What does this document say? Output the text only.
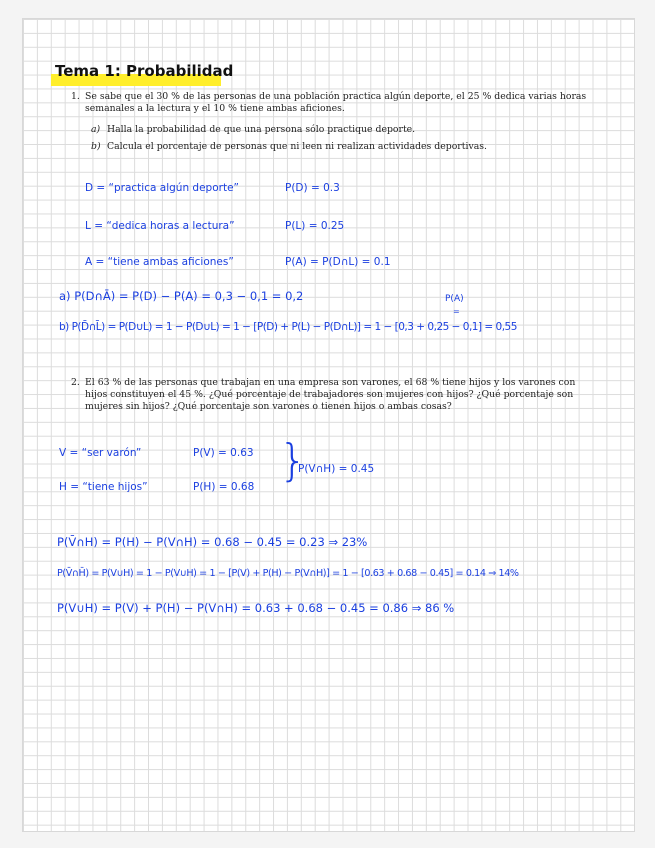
Tema 1: Probabilidad
1. Se sabe que el 30 % de las personas de una población practica algún deporte, el 25 % dedica varias horas
semanales a la lectura y el 10 % tiene ambas aficiones.
a) Halla la probabilidad de que una persona sólo practique deporte.
b) Calcula el porcentaje de personas que ni leen ni realizan actividades deportivas.
D = “practica algún deporte”	P(D) = 0.3
L = “dedica horas a lectura”	P(L) = 0.25
A = “tiene ambas aficiones”	P(A) = P(D∩L) = 0.1
a) P(D∩Ā) = P(D) − P(A) = 0,3 − 0,1 = 0,2	P(A)
=
b) P(D̄∩L̄) = P(D∪L) = 1 − P(D∪L) = 1 − [P(D) + P(L) − P(D∩L)] = 1 − [0,3 + 0,25 − 0,1] = 0,55
2. El 63 % de las personas que trabajan en una empresa son varones, el 68 % tiene hijos y los varones con
hijos constituyen el 45 %. ¿Qué porcentaje de trabajadores son mujeres con hijos? ¿Qué porcentaje son
mujeres sin hijos? ¿Qué porcentaje son varones o tienen hijos o ambas cosas?
V = “ser varón”	P(V) = 0.63
H = “tiene hijos”	P(H) = 0.68
}
P(V∩H) = 0.45
P(V̄∩H) = P(H) − P(V∩H) = 0.68 − 0.45 = 0.23 ⇒ 23%
P(V̄∩H̄) = P(V∪H) = 1 − P(V∪H) = 1 − [P(V) + P(H) − P(V∩H)] = 1 − [0.63 + 0.68 − 0.45] = 0.14 ⇒ 14%
P(V∪H) = P(V) + P(H) − P(V∩H) = 0.63 + 0.68 − 0.45 = 0.86 ⇒ 86 %
